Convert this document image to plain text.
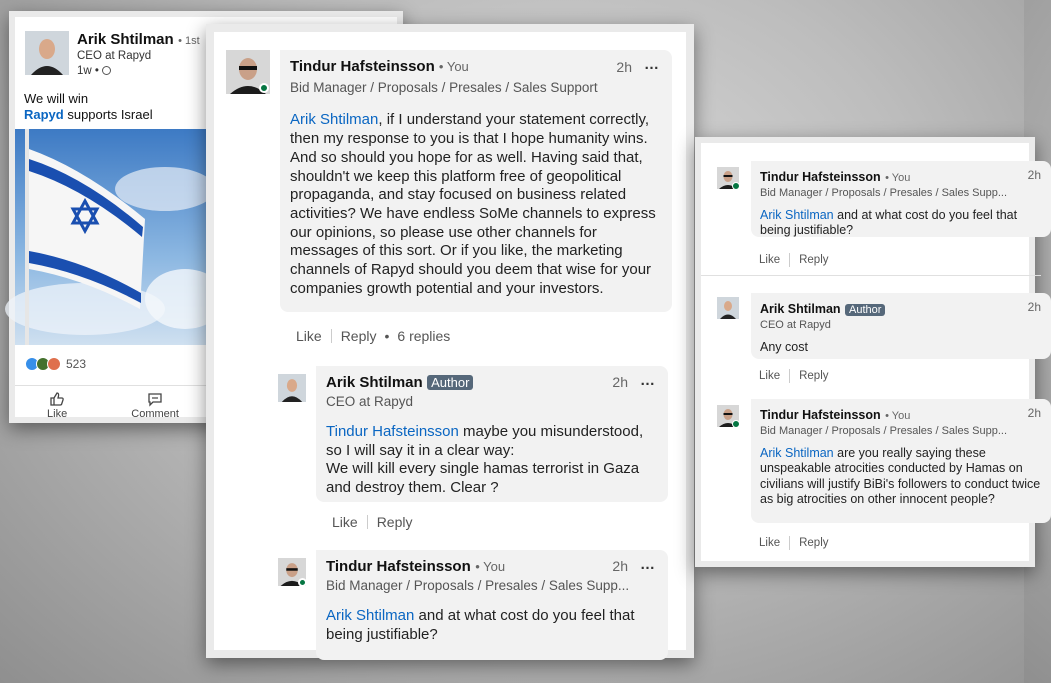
Arik Shtilman • 1st
CEO at Rapyd
1w •
We will win
Rapyd supports Israel
523
Like	Comment
Tindur Hafsteinsson • You
Bid Manager / Proposals / Presales / Sales Support
2h …
Arik Shtilman, if I understand your statement correctly, then my response to you is that I hope humanity wins. And so should you hope for as well. Having said that, shouldn't we keep this platform free of geopolitical propaganda, and stay focused on business related activities? We have endless SoMe channels to express our opinions, so please use other channels for messages of this sort. Or if you like, the marketing channels of Rapyd should you deem that wise for your companies growth potential and your investors.
Like Reply • 6 replies
Arik Shtilman Author
CEO at Rapyd
2h …
Tindur Hafsteinsson maybe you misunderstood, so I will say it in a clear way:
We will kill every single hamas terrorist in Gaza and destroy them. Clear ?
Like Reply
Tindur Hafsteinsson • You
Bid Manager / Proposals / Presales / Sales Supp...
2h …
Arik Shtilman and at what cost do you feel that being justifiable?
Tindur Hafsteinsson • You
Bid Manager / Proposals / Presales / Sales Supp...
2h
Arik Shtilman and at what cost do you feel that being justifiable?
Like Reply
Arik Shtilman Author
CEO at Rapyd
2h
Any cost
Like Reply
Tindur Hafsteinsson • You
Bid Manager / Proposals / Presales / Sales Supp...
2h
Arik Shtilman are you really saying these unspeakable atrocities conducted by Hamas on civilians will justify BiBi's followers to conduct twice as big atrocities on other innocent people?
Like Reply
